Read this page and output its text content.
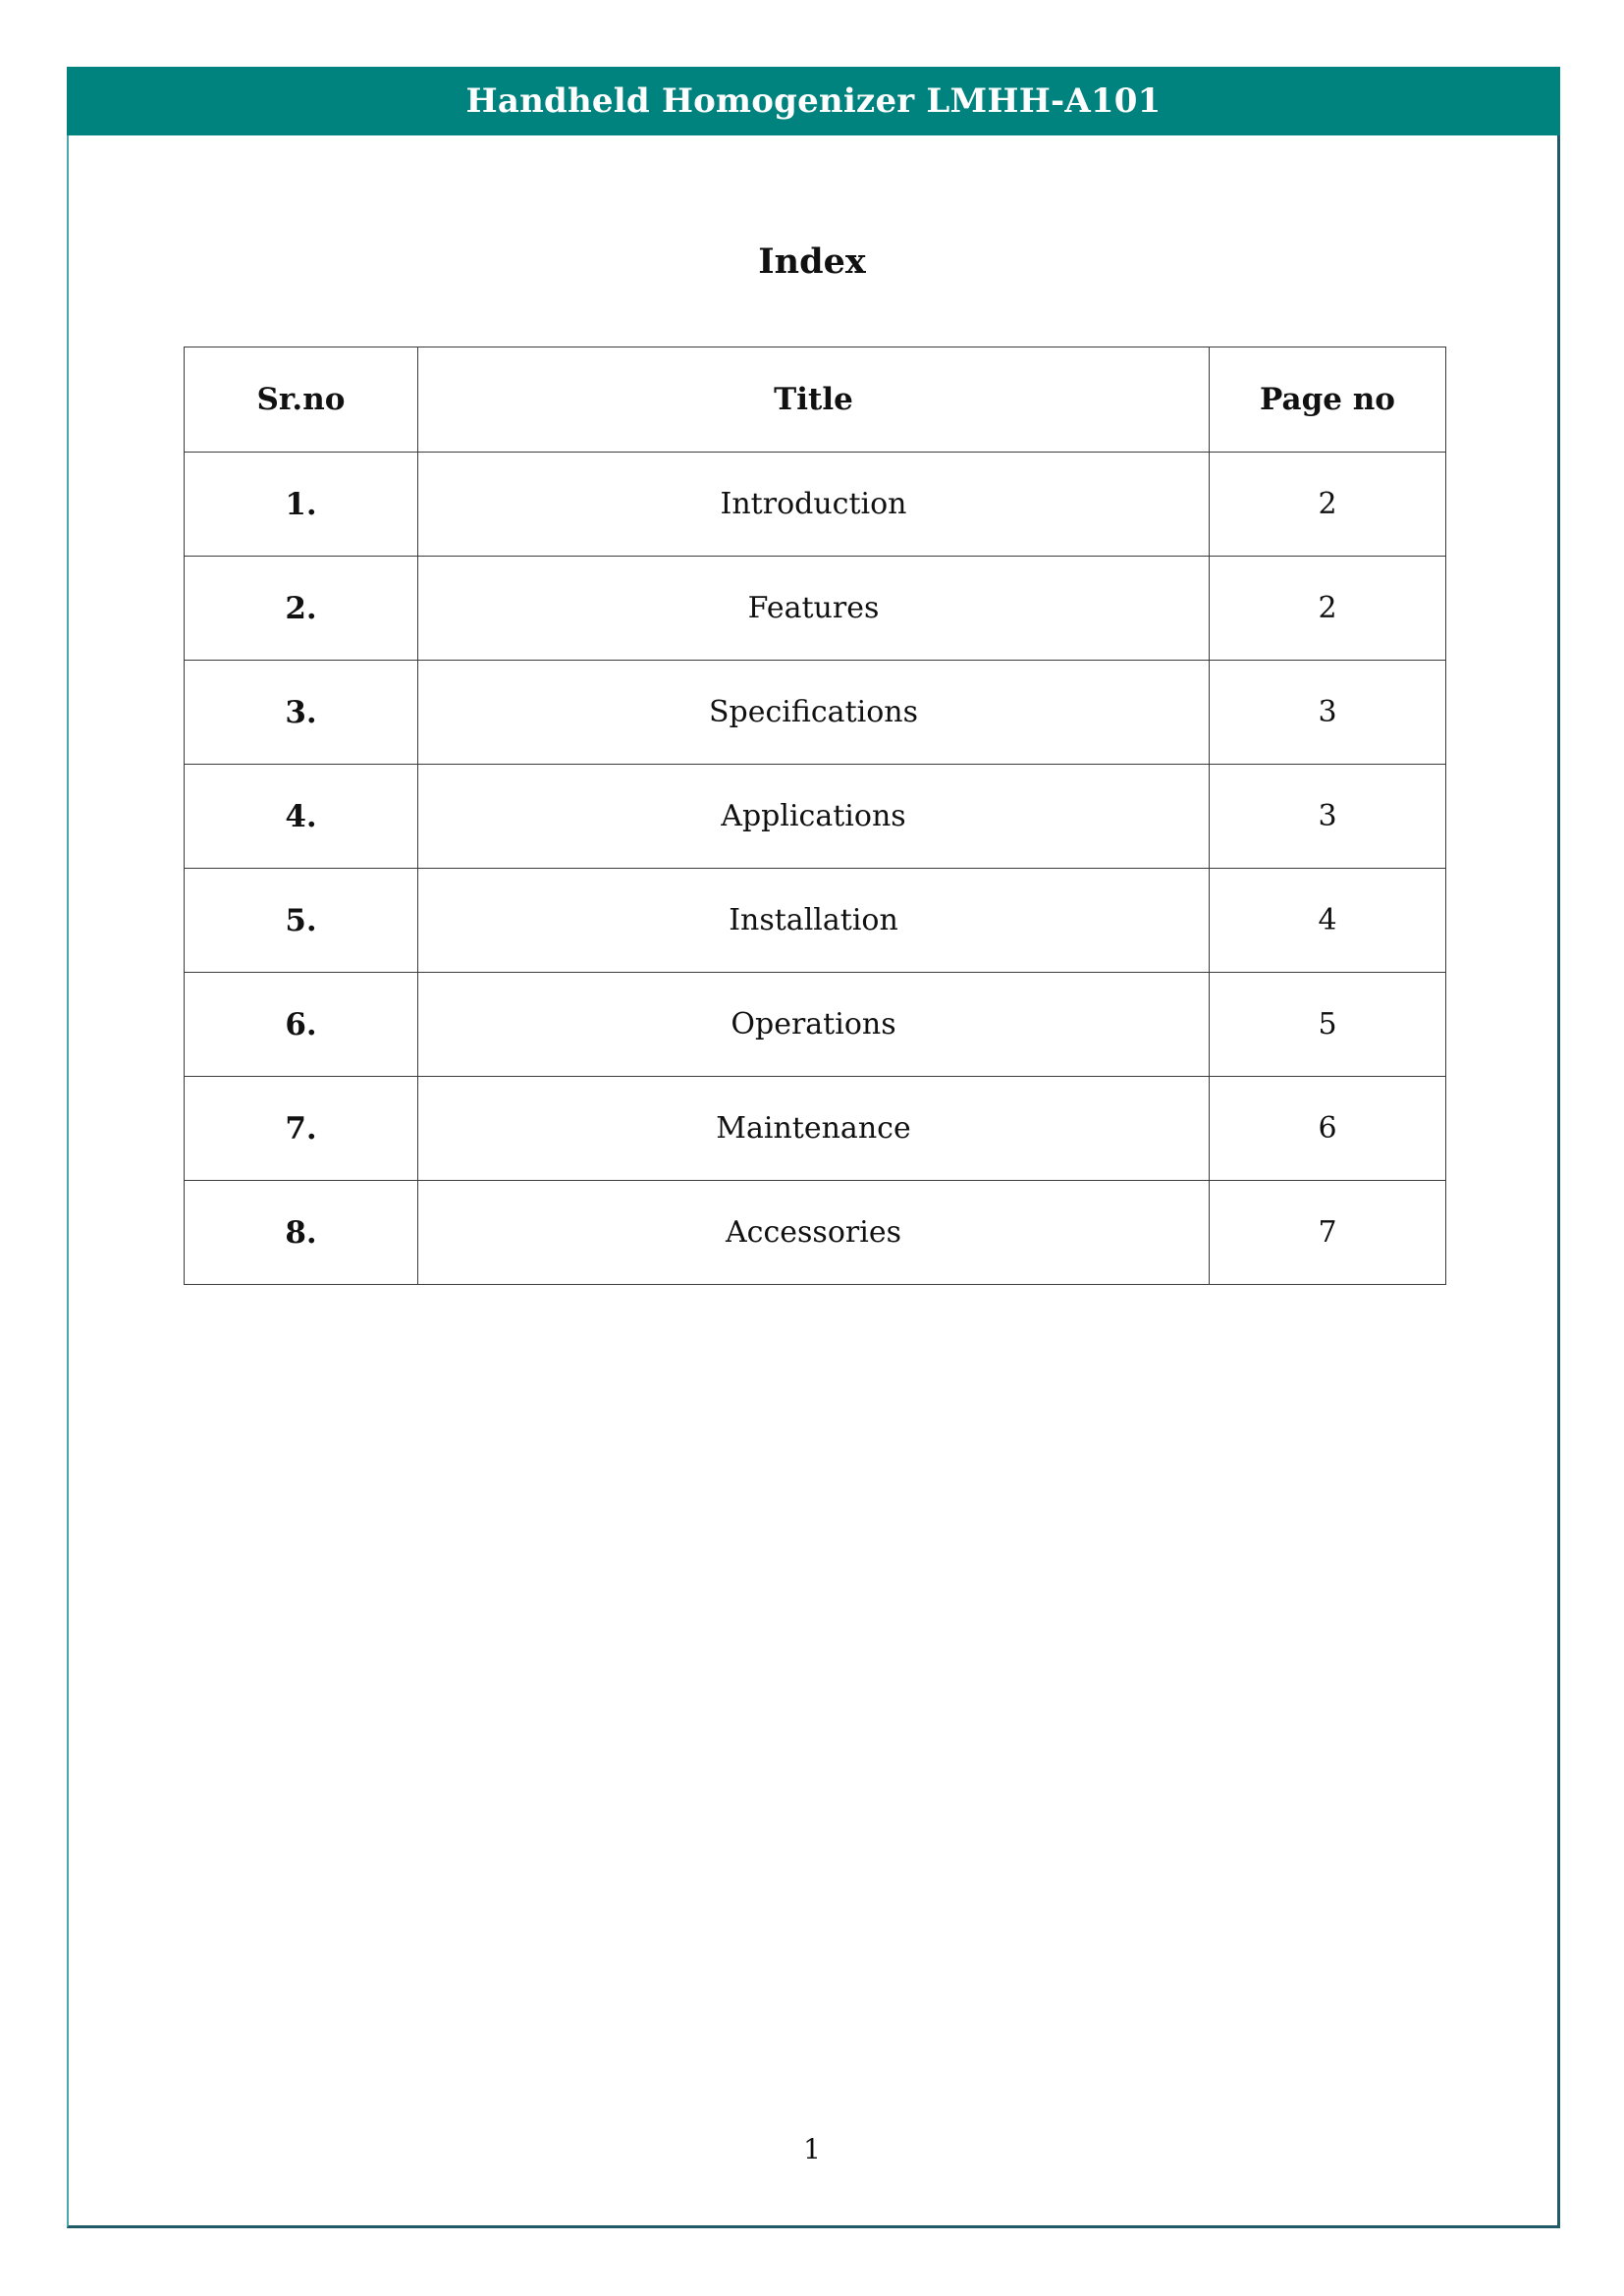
Handheld Homogenizer LMHH-A101
Index
Sr.no	Title	Page no
1.	Introduction	2
2.	Features	2
3.	Specifications	3
4.	Applications	3
5.	Installation	4
6.	Operations	5
7.	Maintenance	6
8.	Accessories	7
1
